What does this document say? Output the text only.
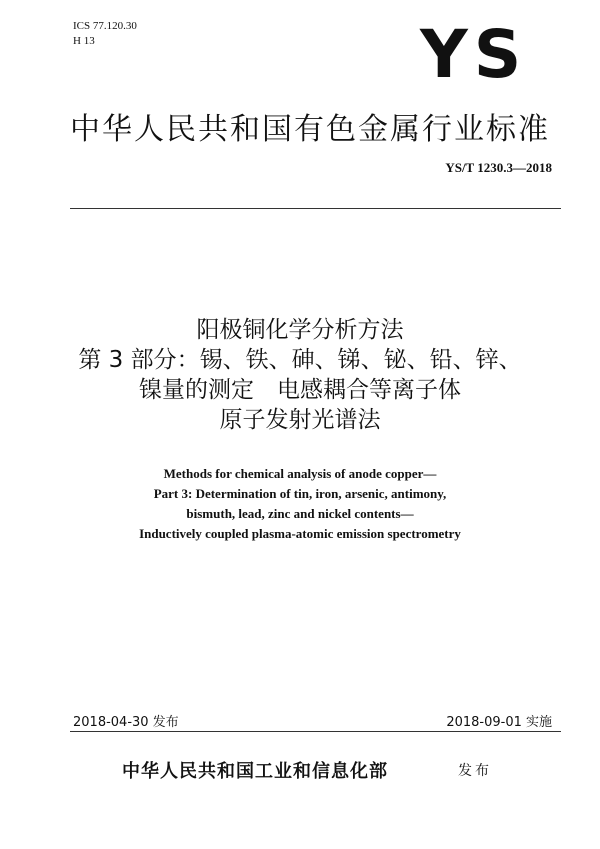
ICS 77.120.30
H 13	YS
中华人民共和国有色金属行业标准
YS/T 1230.3—2018
阳极铜化学分析方法
第 3 部分：锡、铁、砷、锑、铋、铅、锌、
镍量的测定　电感耦合等离子体
原子发射光谱法
Methods for chemical analysis of anode copper—
Part 3: Determination of tin, iron, arsenic, antimony,
bismuth, lead, zinc and nickel contents—
Inductively coupled plasma-atomic emission spectrometry
2018-04-30 发布	2018-09-01 实施
中华人民共和国工业和信息化部	发布
